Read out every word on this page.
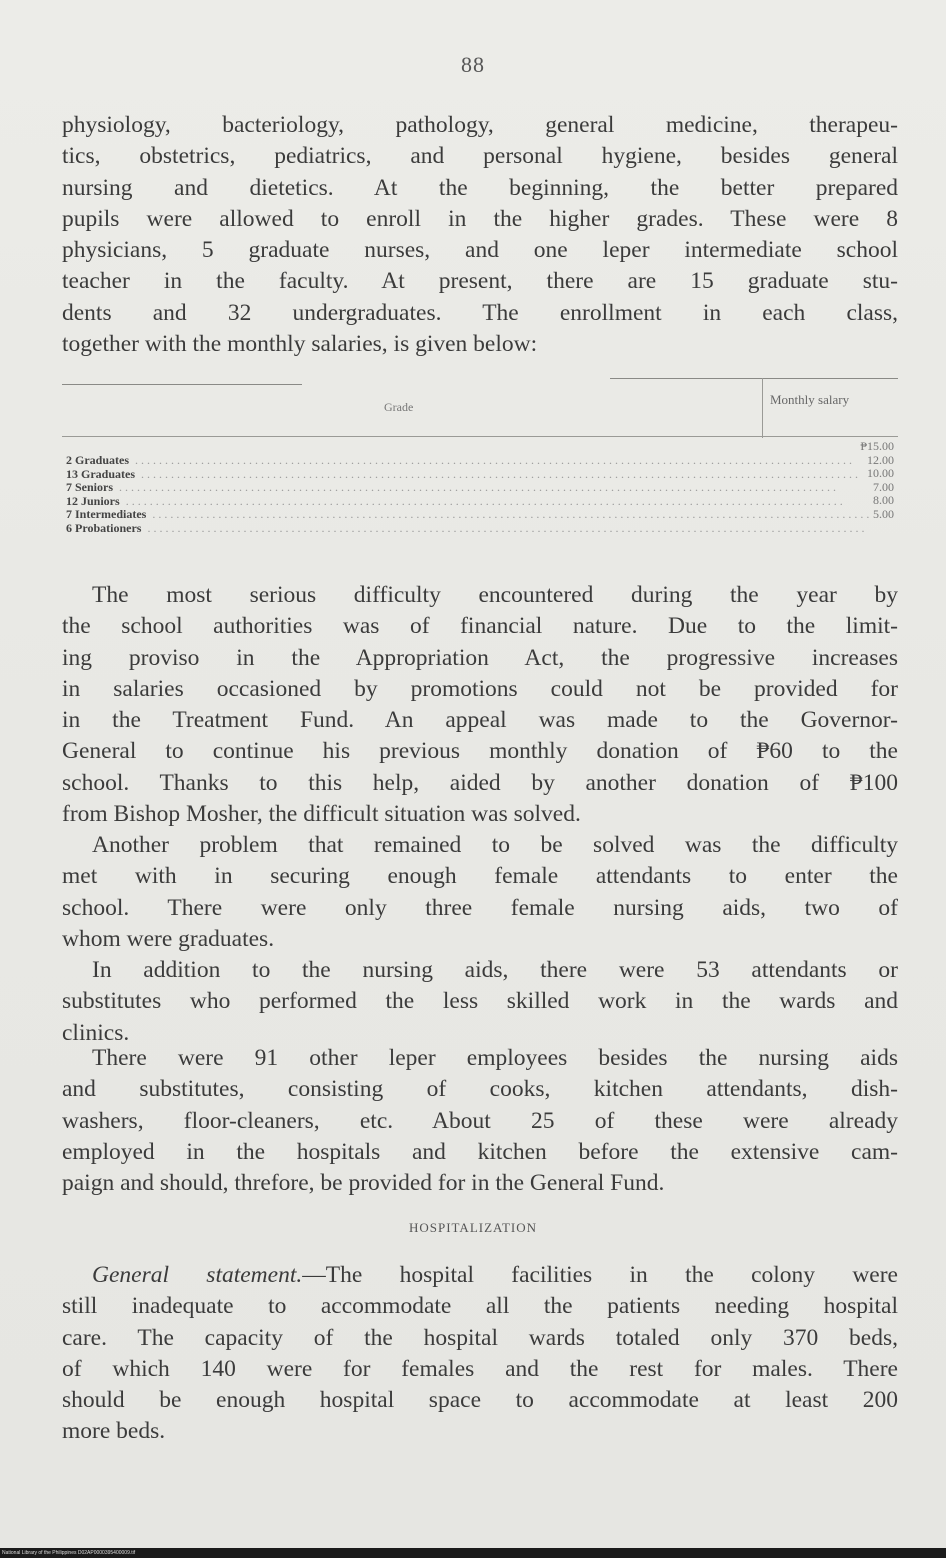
88
physiology, bacteriology, pathology, general medicine, therapeu-
tics, obstetrics, pediatrics, and personal hygiene, besides general
nursing and dietetics. At the beginning, the better prepared
pupils were allowed to enroll in the higher grades. These were 8
physicians, 5 graduate nurses, and one leper intermediate school
teacher in the faculty. At present, there are 15 graduate stu-
dents and 32 undergraduates. The enrollment in each class,
together with the monthly salaries, is given below:
Grade	Monthly salary
2 Graduates ........................................................................................................................
13 Graduates ........................................................................................................................
7 Seniors ........................................................................................................................
12 Juniors ........................................................................................................................
7 Intermediates ........................................................................................................................
6 Probationers ........................................................................................................................
₱15.00
12.00
10.00
7.00
8.00
5.00
The most serious difficulty encountered during the year by
the school authorities was of financial nature. Due to the limit-
ing proviso in the Appropriation Act, the progressive increases
in salaries occasioned by promotions could not be provided for
in the Treatment Fund. An appeal was made to the Governor-
General to continue his previous monthly donation of ₱60 to the
school. Thanks to this help, aided by another donation of ₱100
from Bishop Mosher, the difficult situation was solved.
Another problem that remained to be solved was the difficulty
met with in securing enough female attendants to enter the
school. There were only three female nursing aids, two of
whom were graduates.
In addition to the nursing aids, there were 53 attendants or
substitutes who performed the less skilled work in the wards and
clinics.
There were 91 other leper employees besides the nursing aids
and substitutes, consisting of cooks, kitchen attendants, dish-
washers, floor-cleaners, etc. About 25 of these were already
employed in the hospitals and kitchen before the extensive cam-
paign and should, threfore, be provided for in the General Fund.
HOSPITALIZATION
General statement.—The hospital facilities in the colony were
still inadequate to accommodate all the patients needing hospital
care. The capacity of the hospital wards totaled only 370 beds,
of which 140 were for females and the rest for males. There
should be enough hospital space to accommodate at least 200
more beds.
National Library of the Philippines D02AP0000395400009.tif
